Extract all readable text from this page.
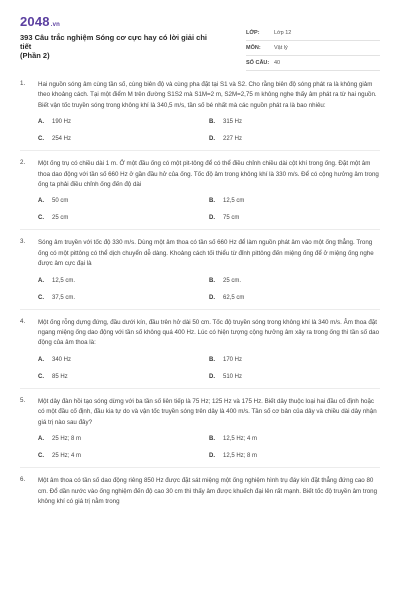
2048.vn
393 Câu trắc nghiệm Sóng cơ cực hay có lời giải chi tiết
(Phần 2)
LỚP:	Lớp 12
MÔN:	Vật lý
SỐ CÂU: 40
1. Hai nguồn sóng âm cùng tần số, cùng biên độ và cùng pha đặt tại S1 và S2. Cho rằng biên độ sóng phát ra là không giảm theo khoảng cách. Tại một điểm M trên đường S1S2 mà S1M=2 m, S2M=2,75 m không nghe thấy âm phát ra từ hai nguồn. Biết vận tốc truyền sóng trong không khí là 340,5 m/s, tần số bé nhất mà các nguồn phát ra là bao nhiêu:
A.	190 Hz	B.	315 Hz
C.	254 Hz	D.	227 Hz
2. Một ống trụ có chiều dài 1 m. Ở một đầu ống có một pit-tông để có thể điều chỉnh chiều dài cột khí trong ống. Đặt một âm thoa dao động với tần số 660 Hz ở gần đầu hở của ống. Tốc độ âm trong không khí là 330 m/s. Để có cộng hưởng âm trong ống ta phải điều chỉnh ống đến độ dài
A.	50 cm	B.	12,5 cm
C.	25 cm	D.	75 cm
3. Sóng âm truyền với tốc độ 330 m/s. Dùng một âm thoa có tần số 660 Hz để làm nguồn phát âm vào một ống thẳng. Trong ống có một pittông có thể dịch chuyển dễ dàng. Khoảng cách tối thiểu từ đỉnh pittông đến miệng ống để ở miệng ống nghe được âm cực đại là
A.	12,5 cm.	B.	25 cm.
C.	37,5 cm.	D.	62,5 cm
4. Một ống rỗng dựng đứng, đầu dưới kín, đầu trên hở dài 50 cm. Tốc độ truyền sóng trong không khí là 340 m/s. Âm thoa đặt ngang miệng ống dao động với tần số không quá 400 Hz. Lúc có hiện tượng cộng hưởng âm xảy ra trong ống thì tần số dao động của âm thoa là:
A.	340 Hz	B.	170 Hz
C.	85 Hz	D.	510 Hz
5. Một dây đàn hồi tạo sóng dừng với ba tần số liên tiếp là 75 Hz; 125 Hz và 175 Hz. Biết dây thuộc loại hai đầu cố định hoặc có một đầu cố định, đầu kia tự do và vận tốc truyền sóng trên dây là 400 m/s. Tần số cơ bản của dây và chiều dài dây nhận giá trị nào sau đây?
A.	25 Hz; 8 m	B.	12,5 Hz; 4 m
C.	25 Hz; 4 m	D.	12,5 Hz; 8 m
6. Một âm thoa có tần số dao động riêng 850 Hz được đặt sát miệng một ống nghiệm hình trụ đáy kín đặt thẳng đứng cao 80 cm. Đổ dần nước vào ống nghiệm đến độ cao 30 cm thì thấy âm được khuếch đại lên rất mạnh. Biết tốc độ truyền âm trong không khí có giá trị nằm trong
